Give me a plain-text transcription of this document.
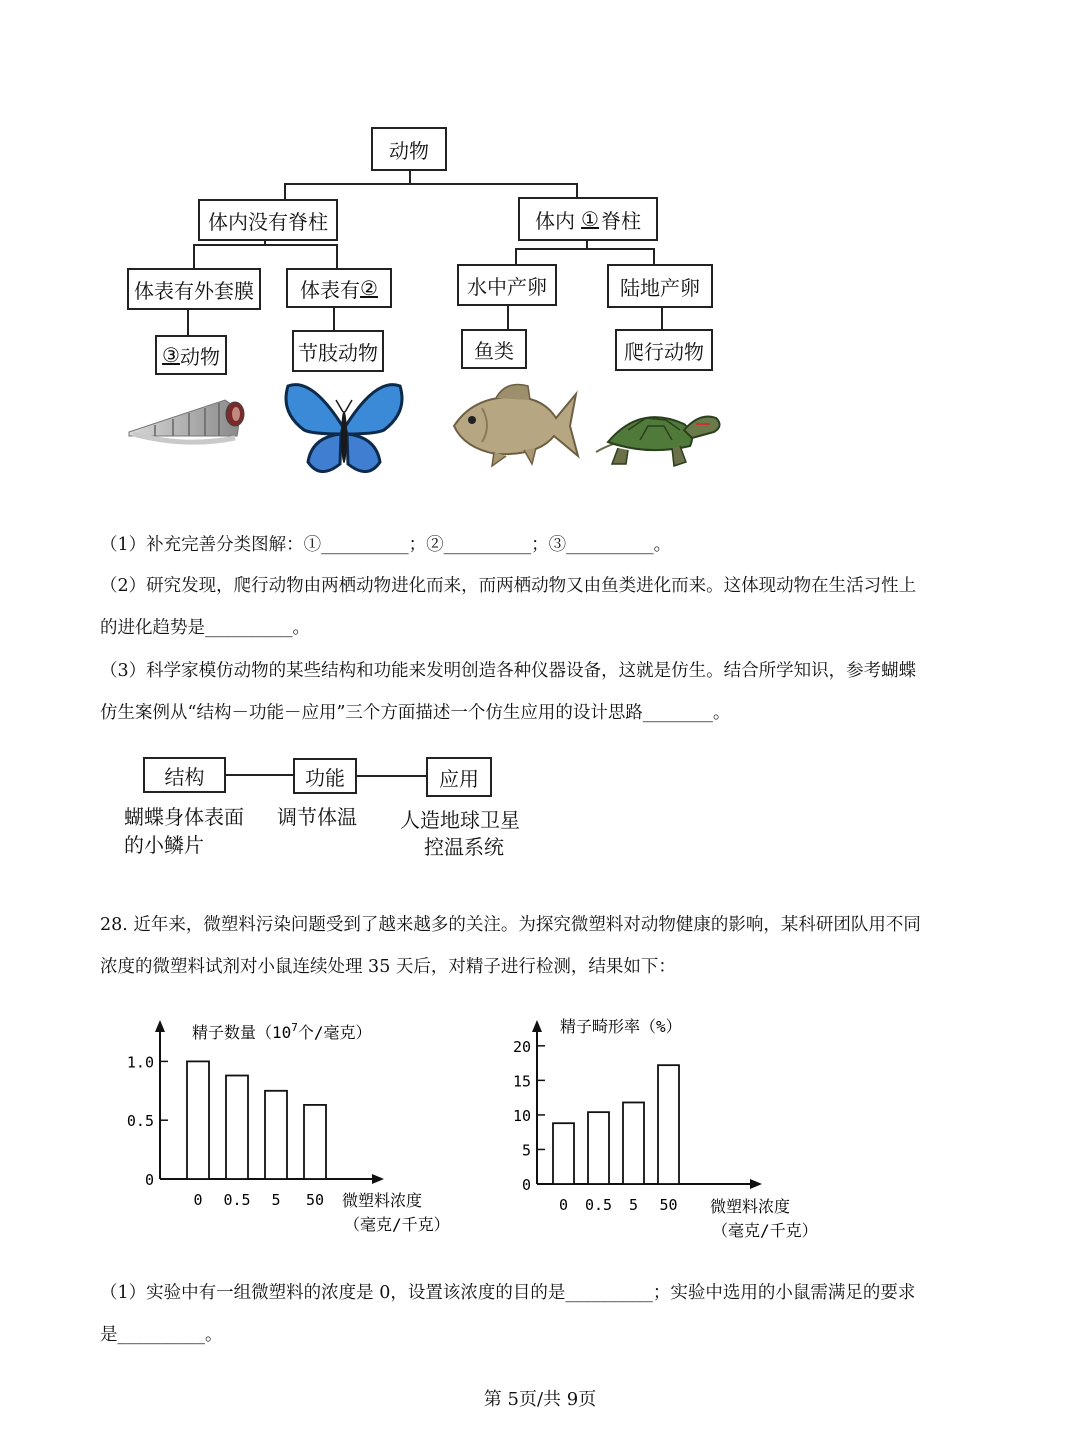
动物
体内没有脊柱	体内 ① 脊柱
体表有外套膜 体表有 ②	水中产卵	陆地产卵
③ 动物	节肢动物	鱼类	爬行动物
（1）补充完善分类图解：①__________；②__________；③__________。
（2）研究发现，爬行动物由两栖动物进化而来，而两栖动物又由鱼类进化而来。这体现动物在生活习性上
的进化趋势是__________。
（3）科学家模仿动物的某些结构和功能来发明创造各种仪器设备，这就是仿生。结合所学知识，参考蝴蝶
仿生案例从“结构－功能－应用”三个方面描述一个仿生应用的设计思路________。
结构	功能	应用
蝴蝶身体表面
的小鳞片
调节体温 人造地球卫星
控温系统
28. 近年来，微塑料污染问题受到了越来越多的关注。为探究微塑料对动物健康的影响，某科研团队用不同
浓度的微塑料试剂对小鼠连续处理 35 天后，对精子进行检测，结果如下：
0
0.5
1.0
0 0.5 5 50
精子数量（$10^7$个/毫克）
微塑料浓度
（毫克/千克）
0
5
10
15
20
0 0.5 5 50
精子畸形率（%）
微塑料浓度
（毫克/千克）
（1）实验中有一组微塑料的浓度是 0，设置该浓度的目的是__________；实验中选用的小鼠需满足的要求
是__________。
第 5页/共 9页
